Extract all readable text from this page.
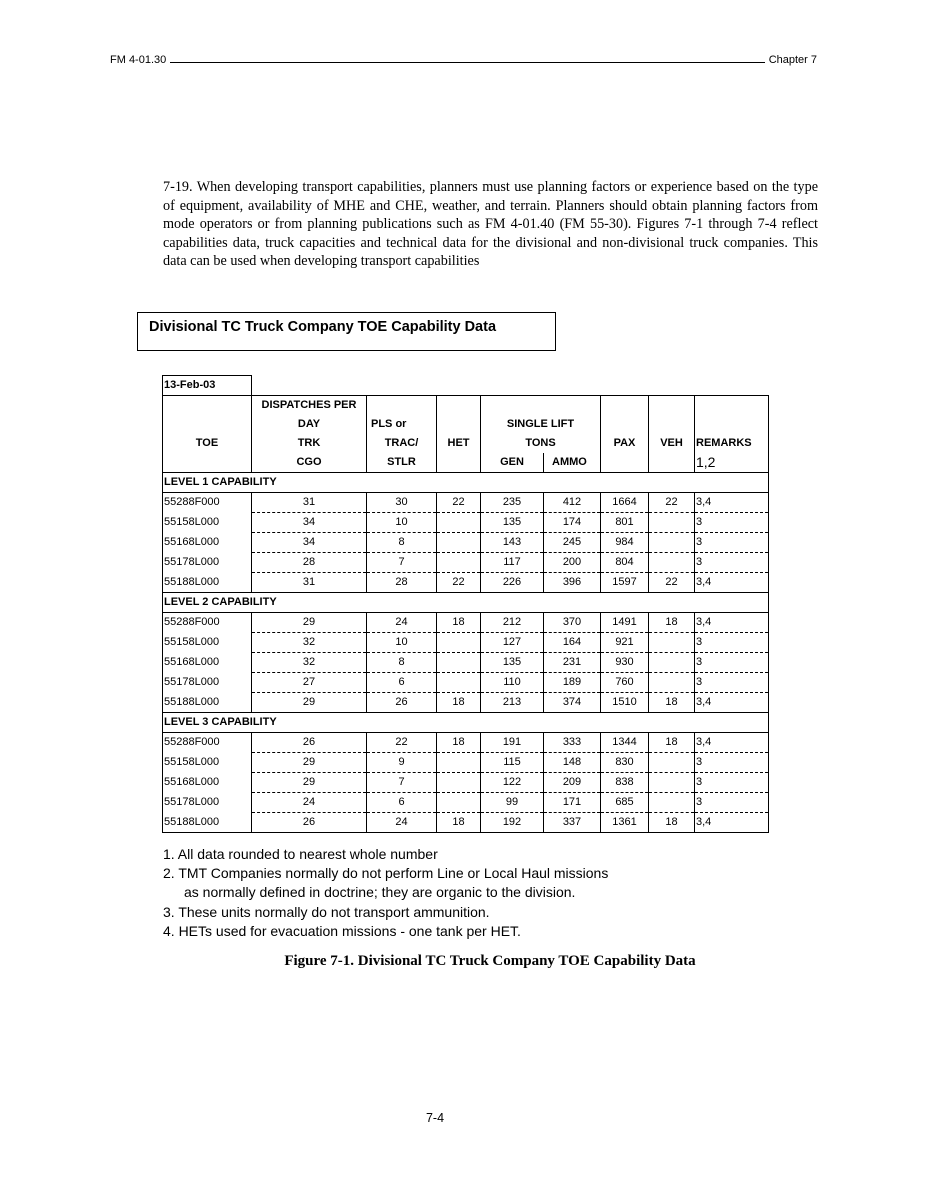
FM 4-01.30	Chapter 7

7-19. When developing transport capabilities, planners must use planning factors or experience based on the type of equipment, availability of MHE and CHE, weather, and terrain. Planners should obtain planning factors from mode operators or from planning publications such as FM 4-01.40 (FM 55-30). Figures 7-1 through 7-4 reflect capabilities data, truck capacities and technical data for the divisional and non-divisional truck companies. This data can be used when developing transport capabilities

Divisional TC Truck Company TOE Capability Data
13-Feb-03								
	DISPATCHES PER							
	DAY	PLS or		SINGLE LIFT				
TOE	TRK	TRAC/	HET	TONS		PAX	VEH	REMARKS
	CGO	STLR		GEN	AMMO			1,2
LEVEL 1 CAPABILITY								
55288F000	31	30	22	235	412	1664	22	3,4
55158L000	34	10		135	174	801		3
55168L000	34	8		143	245	984		3
55178L000	28	7		117	200	804		3
55188L000	31	28	22	226	396	1597	22	3,4
LEVEL 2 CAPABILITY								
55288F000	29	24	18	212	370	1491	18	3,4
55158L000	32	10		127	164	921		3
55168L000	32	8		135	231	930		3
55178L000	27	6		110	189	760		3
55188L000	29	26	18	213	374	1510	18	3,4
LEVEL 3 CAPABILITY								
55288F000	26	22	18	191	333	1344	18	3,4
55158L000	29	9		115	148	830		3
55168L000	29	7		122	209	838		3
55178L000	24	6		99	171	685		3
55188L000	26	24	18	192	337	1361	18	3,4
1. All data rounded to nearest whole number
2. TMT Companies normally do not perform Line or Local Haul missions
as normally defined in doctrine; they are organic to the division.
3. These units normally do not transport ammunition.
4. HETs used for evacuation missions - one tank per HET.
Figure 7-1. Divisional TC Truck Company TOE Capability Data
7-4
